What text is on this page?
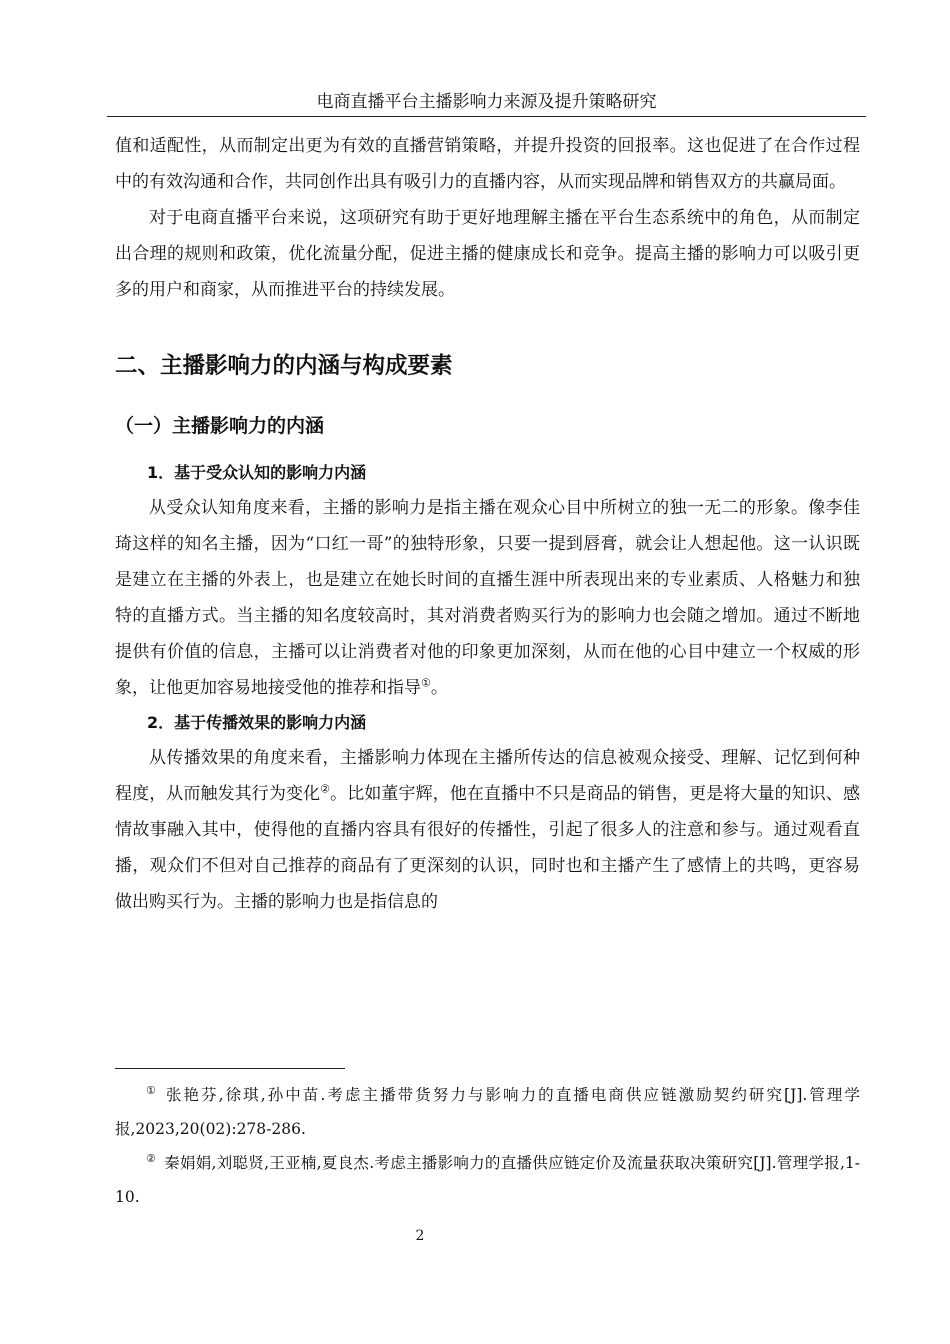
电商直播平台主播影响力来源及提升策略研究

值和适配性，从而制定出更为有效的直播营销策略，并提升投资的回报率。这也促进了在合作过程中的有效沟通和合作，共同创作出具有吸引力的直播内容，从而实现品牌和销售双方的共赢局面。

对于电商直播平台来说，这项研究有助于更好地理解主播在平台生态系统中的角色，从而制定出合理的规则和政策，优化流量分配，促进主播的健康成长和竞争。提高主播的影响力可以吸引更多的用户和商家，从而推进平台的持续发展。

二、主播影响力的内涵与构成要素
（一）主播影响力的内涵
1．基于受众认知的影响力内涵

从受众认知角度来看，主播的影响力是指主播在观众心目中所树立的独一无二的形象。像李佳琦这样的知名主播，因为“口红一哥”的独特形象，只要一提到唇膏，就会让人想起他。这一认识既是建立在主播的外表上，也是建立在她长时间的直播生涯中所表现出来的专业素质、人格魅力和独特的直播方式。当主播的知名度较高时，其对消费者购买行为的影响力也会随之增加。通过不断地提供有价值的信息，主播可以让消费者对他的印象更加深刻，从而在他的心目中建立一个权威的形象，让他更加容易地接受他的推荐和指导①。

2．基于传播效果的影响力内涵

从传播效果的角度来看，主播影响力体现在主播所传达的信息被观众接受、理解、记忆到何种程度，从而触发其行为变化②。比如董宇辉，他在直播中不只是商品的销售，更是将大量的知识、感情故事融入其中，使得他的直播内容具有很好的传播性，引起了很多人的注意和参与。通过观看直播，观众们不但对自己推荐的商品有了更深刻的认识，同时也和主播产生了感情上的共鸣，更容易做出购买行为。主播的影响力也是指信息的

① 张艳芬,徐琪,孙中苗.考虑主播带货努力与影响力的直播电商供应链激励契约研究[J].管理学报,2023,20(02):278-286.

② 秦娟娟,刘聪贤,王亚楠,夏良杰.考虑主播影响力的直播供应链定价及流量获取决策研究[J].管理学报,1-10.

2
